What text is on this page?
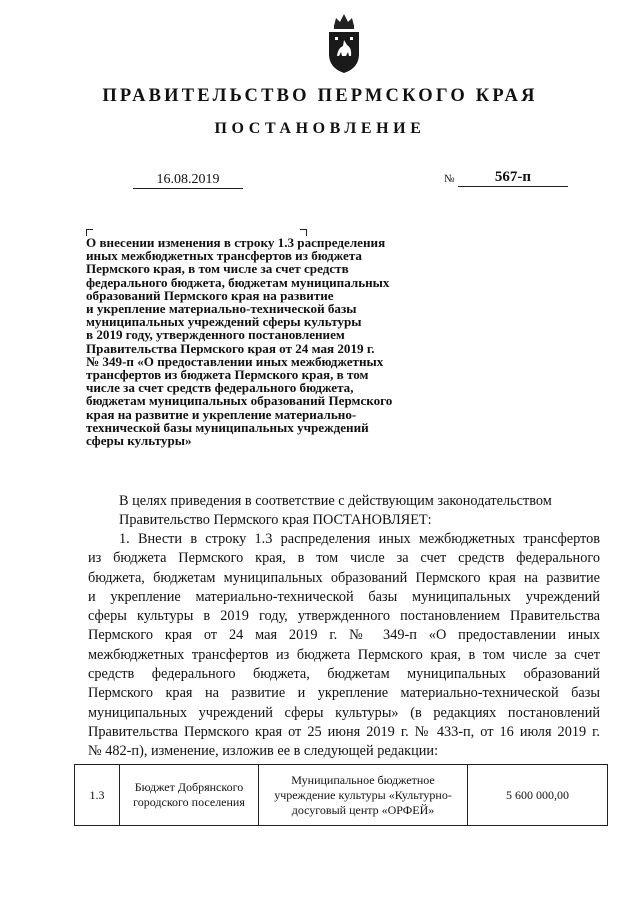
ПРАВИТЕЛЬСТВО ПЕРМСКОГО КРАЯ
ПОСТАНОВЛЕНИЕ
16.08.2019	№	567-п
О внесении изменения в строку 1.3 распределения
иных межбюджетных трансфертов из бюджета
Пермского края, в том числе за счет средств
федерального бюджета, бюджетам муниципальных
образований Пермского края на развитие
и укрепление материально-технической базы
муниципальных учреждений сферы культуры
в 2019 году, утвержденного постановлением
Правительства Пермского края от 24 мая 2019 г.
№ 349-п «О предоставлении иных межбюджетных
трансфертов из бюджета Пермского края, в том
числе за счет средств федерального бюджета,
бюджетам муниципальных образований Пермского
края на развитие и укрепление материально-
технической базы муниципальных учреждений
сферы культуры»
В целях приведения в соответствие с действующим законодательством
Правительство Пермского края ПОСТАНОВЛЯЕТ:
1. Внести в строку 1.3 распределения иных межбюджетных трансфертов
из бюджета Пермского края, в том числе за счет средств федерального
бюджета, бюджетам муниципальных образований Пермского края на развитие
и укрепление материально-технической базы муниципальных учреждений
сферы культуры в 2019 году, утвержденного постановлением Правительства
Пермского края от 24 мая 2019 г. № 349-п «О предоставлении иных
межбюджетных трансфертов из бюджета Пермского края, в том числе за счет
средств федерального бюджета, бюджетам муниципальных образований
Пермского края на развитие и укрепление материально-технической базы
муниципальных учреждений сферы культуры» (в редакциях постановлений
Правительства Пермского края от 25 июня 2019 г. № 433-п, от 16 июля 2019 г.
№ 482-п), изменение, изложив ее в следующей редакции:
1.3	Бюджет Добрянского городского поселения	Муниципальное бюджетное учреждение культуры «Культурно-досуговый центр «ОРФЕЙ»	5 600 000,00
